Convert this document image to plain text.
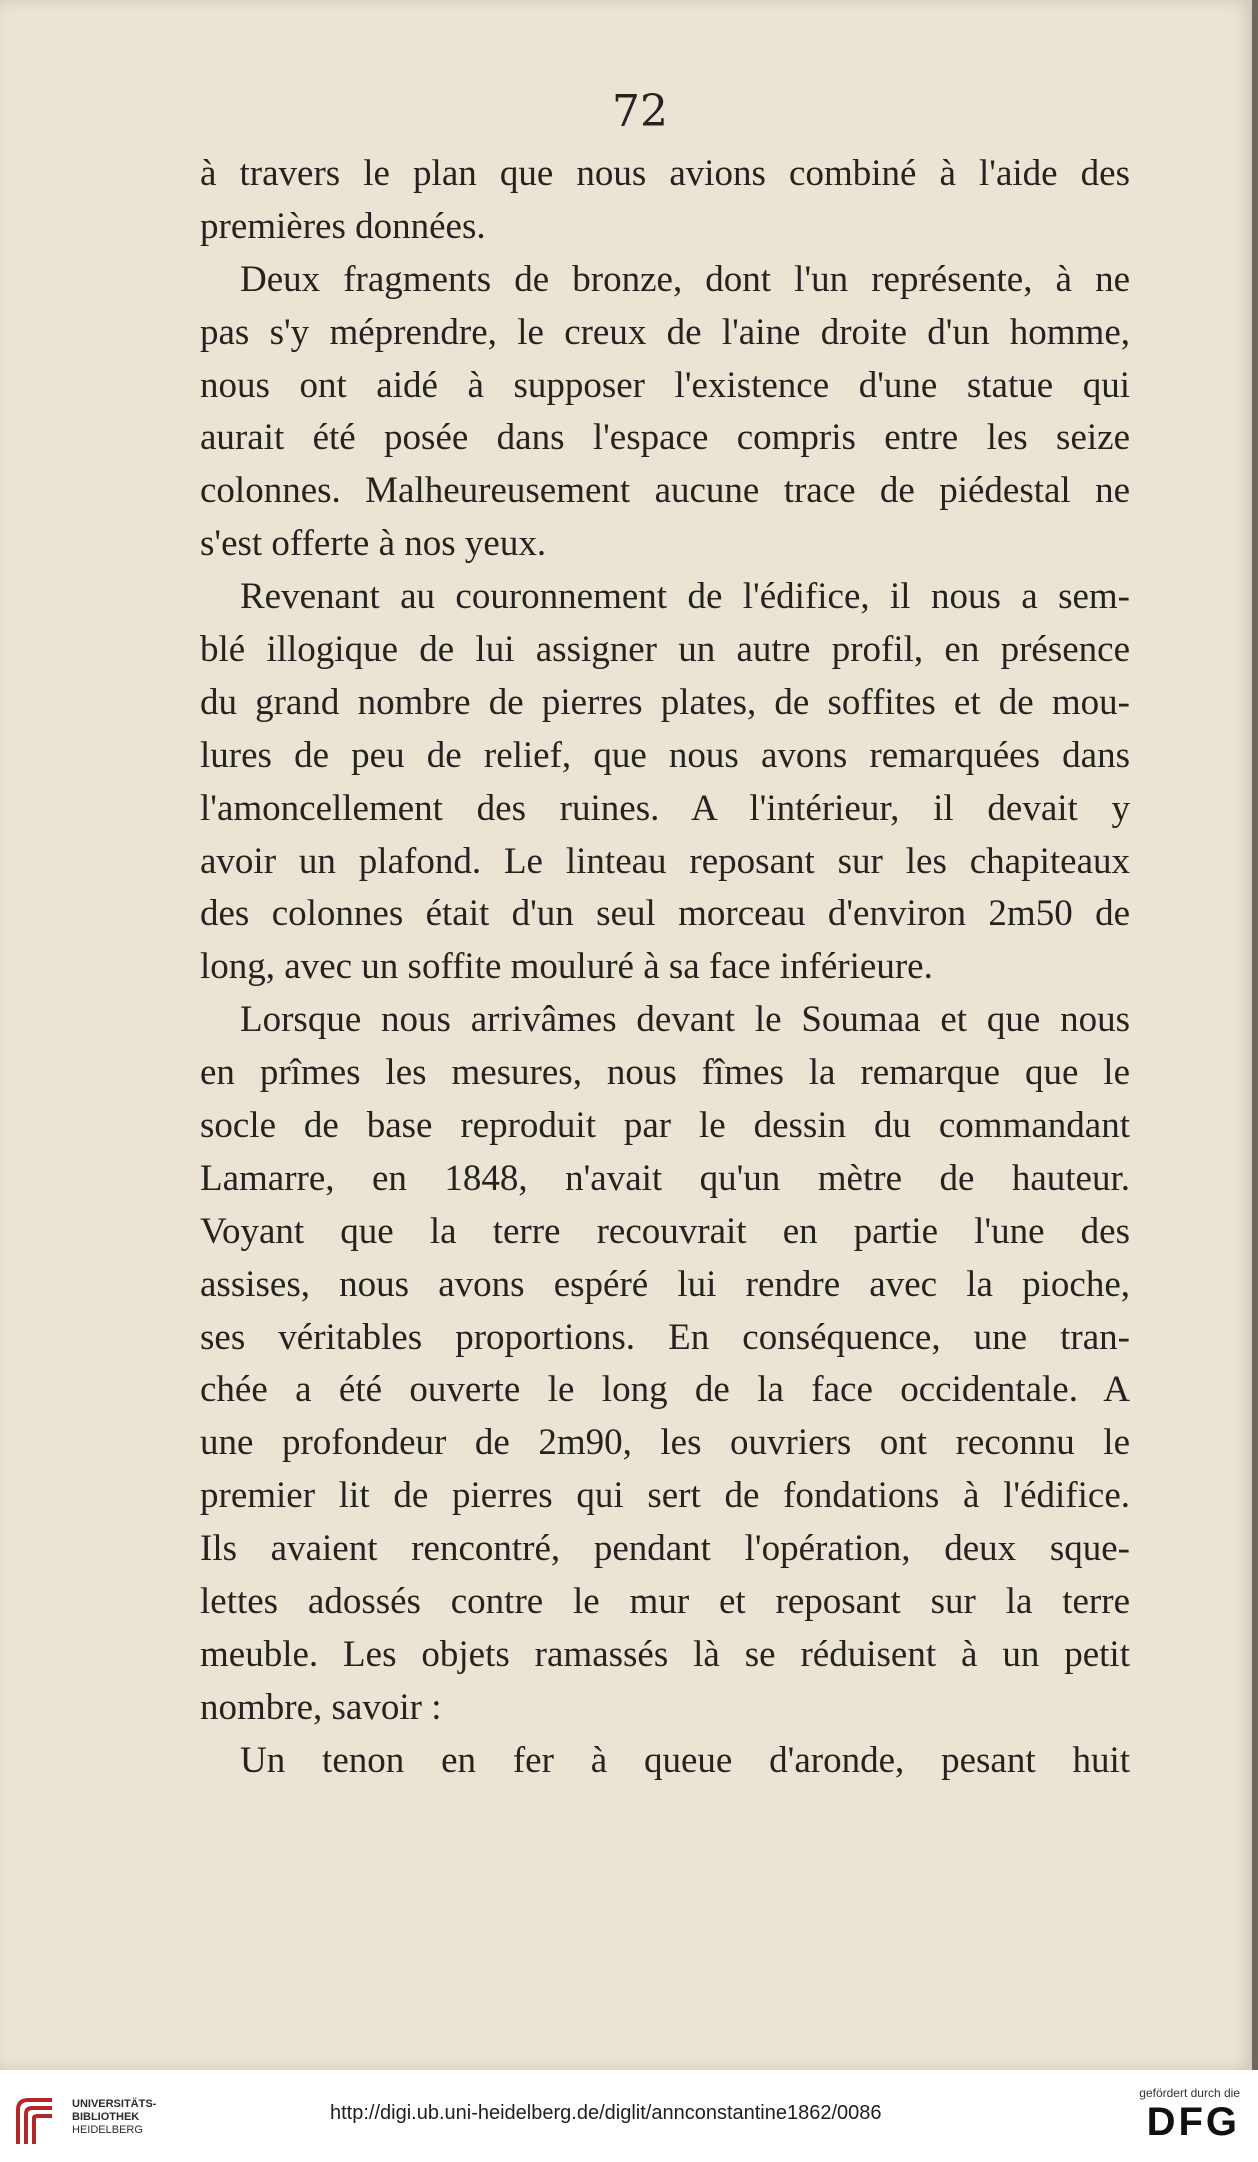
72
à travers le plan que nous avions combiné à l'aide des
premières données.
Deux fragments de bronze, dont l'un représente, à ne
pas s'y méprendre, le creux de l'aine droite d'un homme,
nous ont aidé à supposer l'existence d'une statue qui
aurait été posée dans l'espace compris entre les seize
colonnes. Malheureusement aucune trace de piédestal ne
s'est offerte à nos yeux.
Revenant au couronnement de l'édifice, il nous a sem-
blé illogique de lui assigner un autre profil, en présence
du grand nombre de pierres plates, de soffites et de mou-
lures de peu de relief, que nous avons remarquées dans
l'amoncellement des ruines. A l'intérieur, il devait y
avoir un plafond. Le linteau reposant sur les chapiteaux
des colonnes était d'un seul morceau d'environ 2m50 de
long, avec un soffite mouluré à sa face inférieure.
Lorsque nous arrivâmes devant le Soumaa et que nous
en prîmes les mesures, nous fîmes la remarque que le
socle de base reproduit par le dessin du commandant
Lamarre, en 1848, n'avait qu'un mètre de hauteur.
Voyant que la terre recouvrait en partie l'une des
assises, nous avons espéré lui rendre avec la pioche,
ses véritables proportions. En conséquence, une tran-
chée a été ouverte le long de la face occidentale. A
une profondeur de 2m90, les ouvriers ont reconnu le
premier lit de pierres qui sert de fondations à l'édifice.
Ils avaient rencontré, pendant l'opération, deux sque-
lettes adossés contre le mur et reposant sur la terre
meuble. Les objets ramassés là se réduisent à un petit
nombre, savoir :
Un tenon en fer à queue d'aronde, pesant huit
UNIVERSITÄTS-
BIBLIOTHEK
HEIDELBERG
http://digi.ub.uni-heidelberg.de/diglit/annconstantine1862/0086
gefördert durch die
DFG
